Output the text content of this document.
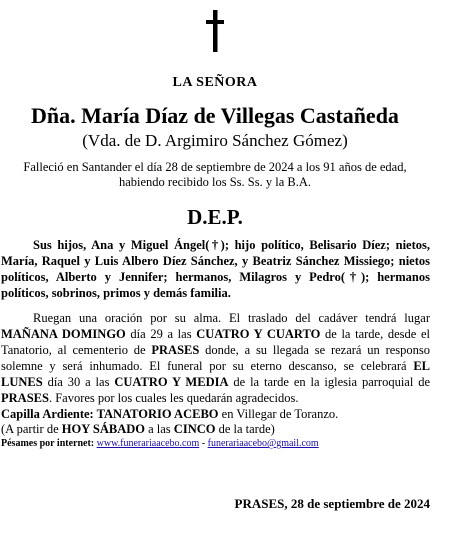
LA SEÑORA
Dña. María Díaz de Villegas Castañeda
(Vda. de D. Argimiro Sánchez Gómez)
Falleció en Santander el día 28 de septiembre de 2024 a los 91 años de edad,
habiendo recibido los Ss. Ss. y la B.A.
D.E.P.
Sus hijos, Ana y Miguel Ángel(†); hijo político, Belisario Díez; nietos, María, Raquel y Luis Albero Díez Sánchez, y Beatriz Sánchez Missiego; nietos políticos, Alberto y Jennifer; hermanos, Milagros y Pedro(†); hermanos políticos, sobrinos, primos y demás familia.
Ruegan una oración por su alma. El traslado del cadáver tendrá lugar MAÑANA DOMINGO día 29 a las CUATRO Y CUARTO de la tarde, desde el Tanatorio, al cementerio de PRASES donde, a su llegada se rezará un responso solemne y será inhumado. El funeral por su eterno descanso, se celebrará EL LUNES día 30 a las CUATRO Y MEDIA de la tarde en la iglesia parroquial de PRASES. Favores por los cuales les quedarán agradecidos.
Capilla Ardiente: TANATORIO ACEBO en Villegar de Toranzo.
(A partir de HOY SÁBADO a las CINCO de la tarde)
Pésames por internet: www.funerariaacebo.com - funerariaacebo@gmail.com
PRASES, 28 de septiembre de 2024
